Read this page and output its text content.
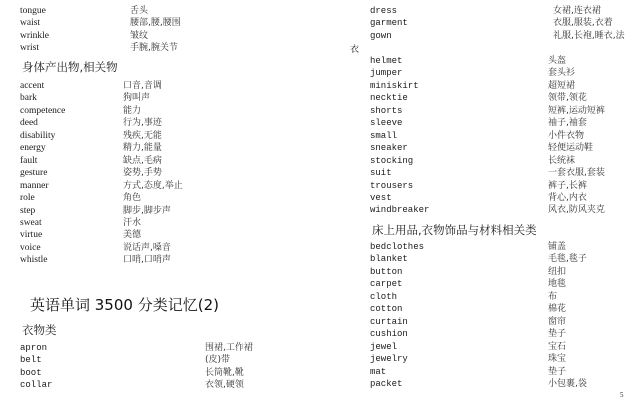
英语单词 3500 分类记忆(2)
衣
5
tongue	舌头
waist	腰部,腰,腰围
wrinkle	皱纹
wrist	手腕,腕关节
身体产出物,相关物
accent	口音,音调
bark	狗叫声
competence	能力
deed	行为,事迹
disability	残疾,无能
energy	精力,能量
fault	缺点,毛病
gesture	姿势,手势
manner	方式,态度,举止
role	角色
step	脚步,脚步声
sweat	汗水
virtue	美德
voice	说话声,嗓音
whistle	口哨,口哨声
衣物类
apron	围裙,工作裙
belt	(皮)带
boot	长筒靴,靴
collar	衣领,硬领
dress	女裙,连衣裙
garment	衣服,服装,衣着
gown	礼服,长袍,睡衣,法
helmet	头盔
jumper	套头衫
miniskirt	超短裙
necktie	领带,领花
shorts	短裤,运动短裤
sleeve	袖子,袖套
small	小件衣物
sneaker	轻便运动鞋
stocking	长统袜
suit	一套衣服,套装
trousers	裤子,长裤
vest	背心,内衣
windbreaker	风衣,防风夹克
床上用品,衣物饰品与材料相关类
bedclothes	铺盖
blanket	毛毯,毯子
button	纽扣
carpet	地毯
cloth	布
cotton	棉花
curtain	窗帘
cushion	垫子
jewel	宝石
jewelry	珠宝
mat	垫子
packet	小包裹,袋
